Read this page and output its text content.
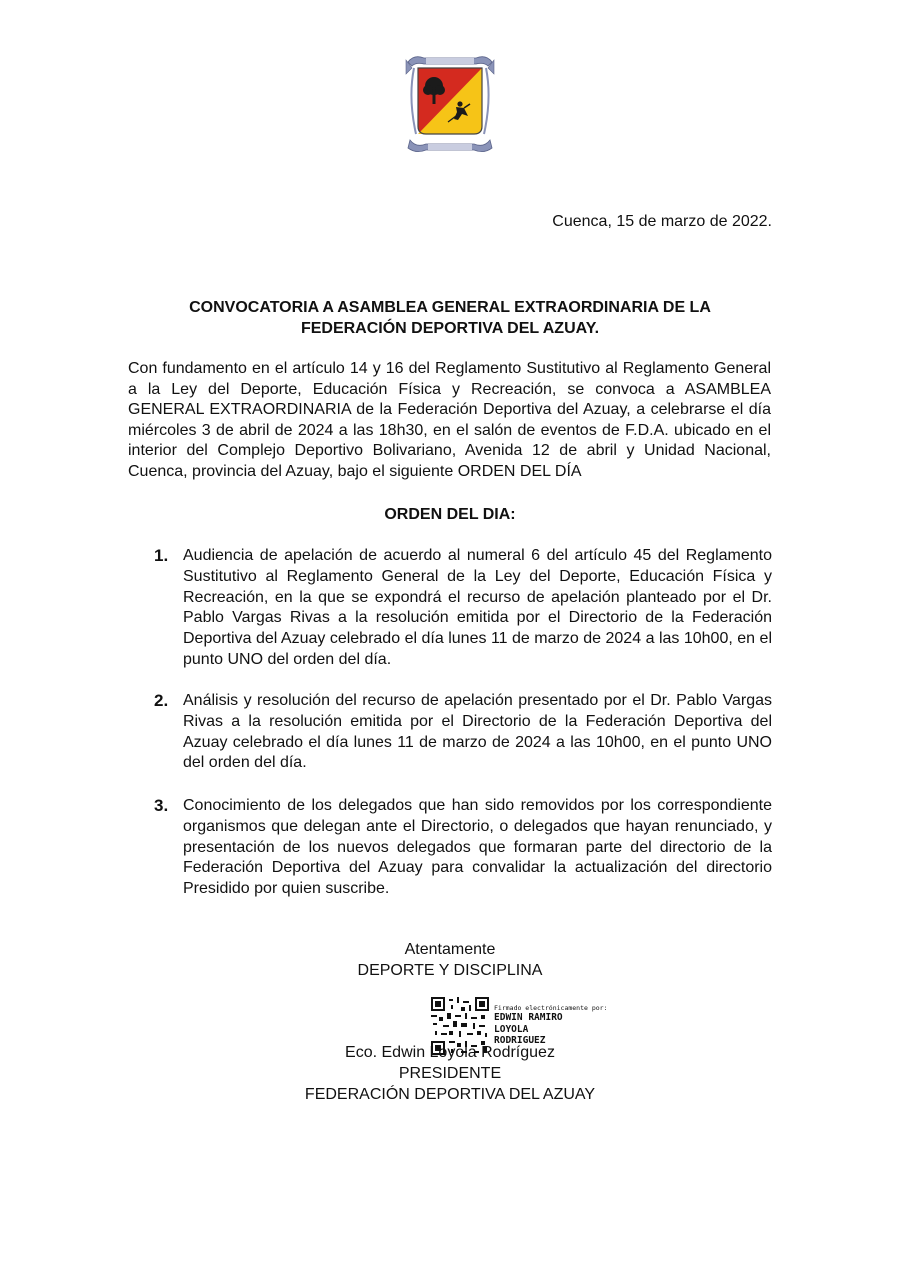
Cuenca, 15 de marzo de 2022.
CONVOCATORIA A ASAMBLEA GENERAL EXTRAORDINARIA DE LA
FEDERACIÓN DEPORTIVA DEL AZUAY.
Con fundamento en el artículo 14 y 16 del Reglamento Sustitutivo al Reglamento General a la Ley del Deporte, Educación Física y Recreación, se convoca a ASAMBLEA GENERAL EXTRAORDINARIA de la Federación Deportiva del Azuay, a celebrarse el día miércoles 3 de abril de 2024 a las 18h30, en el salón de eventos de F.D.A. ubicado en el interior del Complejo Deportivo Bolivariano, Avenida 12 de abril y Unidad Nacional, Cuenca, provincia del Azuay, bajo el siguiente ORDEN DEL DÍA
ORDEN DEL DIA:
1. Audiencia de apelación de acuerdo al numeral 6 del artículo 45 del Reglamento Sustitutivo al Reglamento General de la Ley del Deporte, Educación Física y Recreación, en la que se expondrá el recurso de apelación planteado por el Dr. Pablo Vargas Rivas a la resolución emitida por el Directorio de la Federación Deportiva del Azuay celebrado el día lunes 11 de marzo de 2024 a las 10h00, en el punto UNO del orden del día.
2. Análisis y resolución del recurso de apelación presentado por el Dr. Pablo Vargas Rivas a la resolución emitida por el Directorio de la Federación Deportiva del Azuay celebrado el día lunes 11 de marzo de 2024 a las 10h00, en el punto UNO del orden del día.
3. Conocimiento de los delegados que han sido removidos por los correspondiente organismos que delegan ante el Directorio, o delegados que hayan renunciado, y presentación de los nuevos delegados que formaran parte del directorio de la Federación Deportiva del Azuay para convalidar la actualización del directorio Presidido por quien suscribe.
Atentamente
DEPORTE Y DISCIPLINA
Firmado electrónicamente por:
EDWIN RAMIRO
LOYOLA
RODRIGUEZ
Eco. Edwin Loyola Rodríguez
PRESIDENTE
FEDERACIÓN DEPORTIVA DEL AZUAY
